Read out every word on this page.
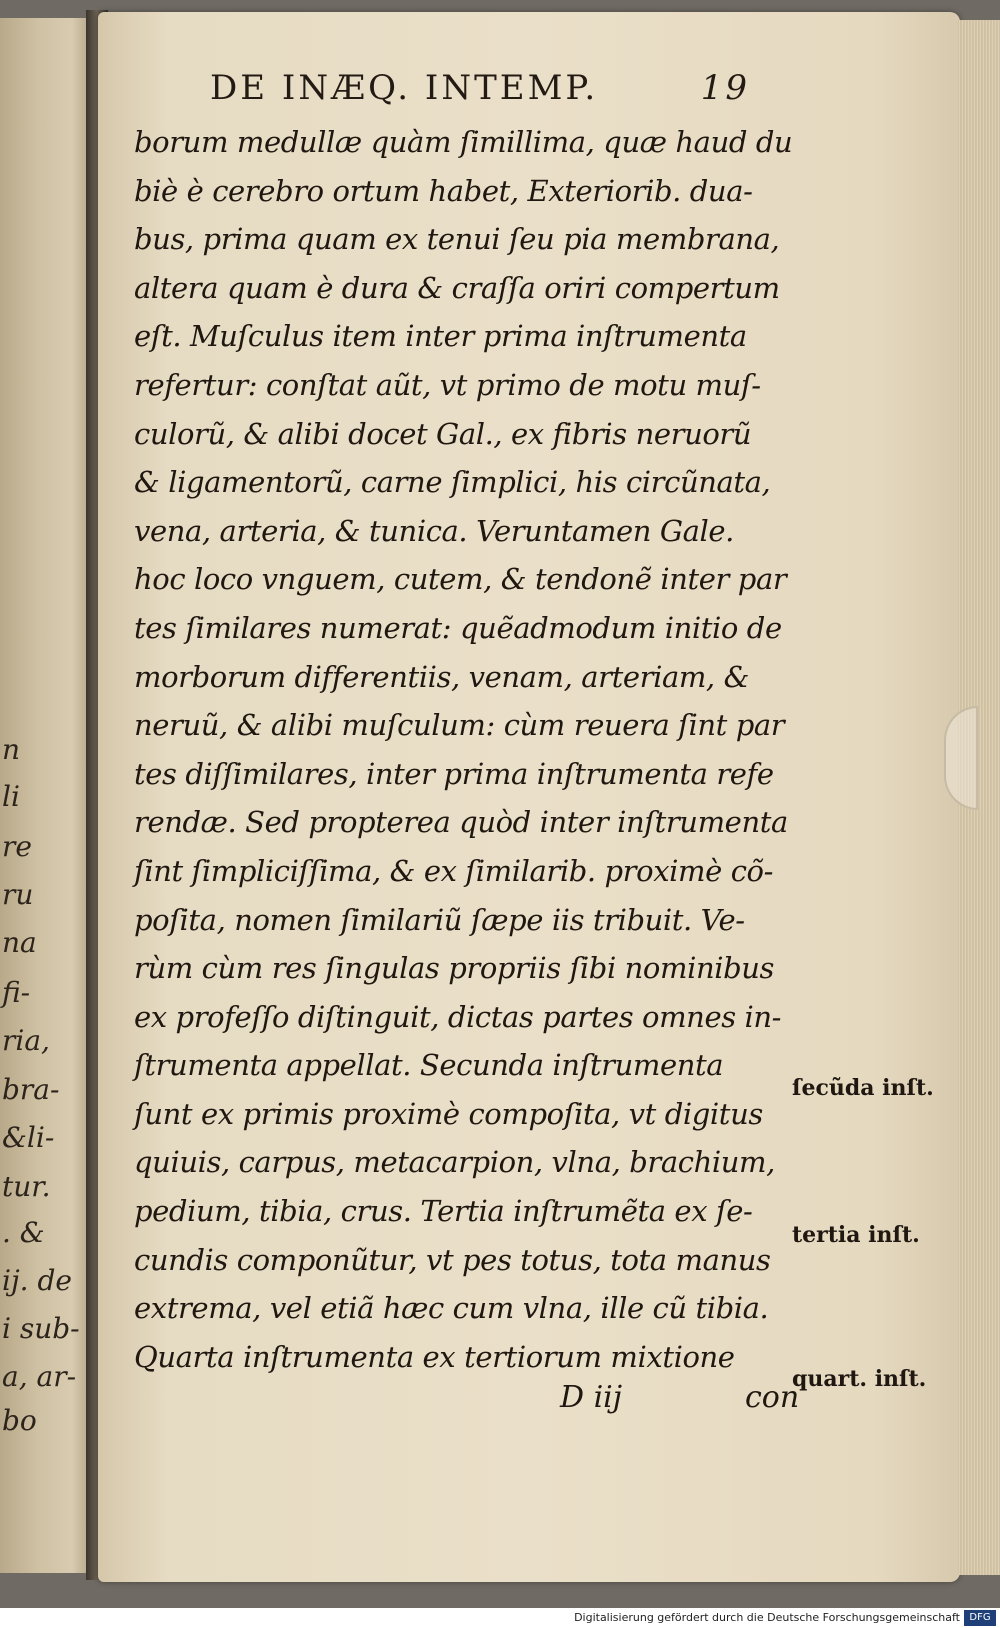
n
li
re
ru
na
fi-
ria,
bra-
&li-
tur.
. &
ij. de
i sub-
a, ar-
bo
DE INÆQ. INTEMP.	19
borum medullæ quàm ſimillima, quæ haud du
biè è cerebro ortum habet, Exteriorib. dua-
bus, prima quam ex tenui ſeu pia membrana,
altera quam è dura & craſſa oriri compertum
eſt. Muſculus item inter prima inſtrumenta
refertur: conſtat aũt, vt primo de motu muſ-
culorũ, & alibi docet Gal., ex fibris neruorũ
& ligamentorũ, carne ſimplici, his circũnata,
vena, arteria, & tunica. Veruntamen Gale.
hoc loco vnguem, cutem, & tendonẽ inter par
tes ſimilares numerat: quẽadmodum initio de
morborum differentiis, venam, arteriam, &
neruũ, & alibi muſculum: cùm reuera ſint par
tes diſſimilares, inter prima inſtrumenta refe
rendæ. Sed propterea quòd inter inſtrumenta
ſint ſimpliciſſima, & ex ſimilarib. proximè cõ-
poſita, nomen ſimilariũ ſæpe iis tribuit. Ve-
rùm cùm res ſingulas propriis ſibi nominibus
ex profeſſo diſtinguit, dictas partes omnes in-
ſtrumenta appellat. Secunda inſtrumenta
ſunt ex primis proximè compoſita, vt digitus
quiuis, carpus, metacarpion, vlna, brachium,
pedium, tibia, crus. Tertia inſtrumẽta ex ſe-
cundis componũtur, vt pes totus, tota manus
extrema, vel etiã hæc cum vlna, ille cũ tibia.
Quarta inſtrumenta ex tertiorum mixtione
ſecũda inſt.
tertia inſt.
quart. inſt.
D iij	con
Digitalisierung gefördert durch die Deutsche Forschungsgemeinschaft DFG
